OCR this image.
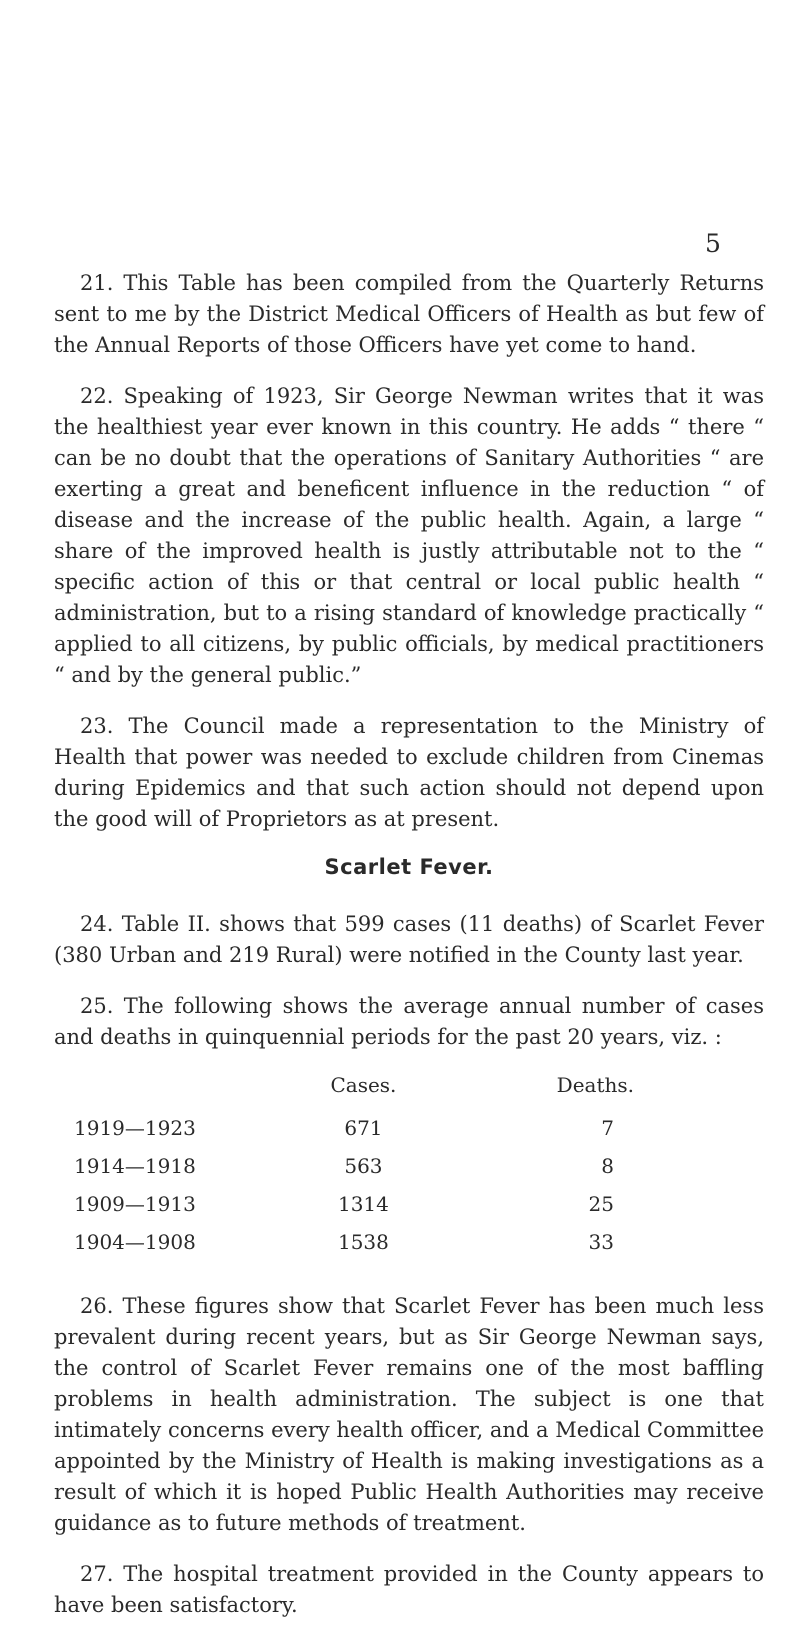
5

21. This Table has been compiled from the Quarterly Returns sent to me by the District Medical Officers of Health as but few of the Annual Reports of those Officers have yet come to hand.

22. Speaking of 1923, Sir George Newman writes that it was the healthiest year ever known in this country. He adds “ there “ can be no doubt that the operations of Sanitary Authorities “ are exerting a great and beneficent influence in the reduction “ of disease and the increase of the public health. Again, a large “ share of the improved health is justly attributable not to the “ specific action of this or that central or local public health “ administration, but to a rising standard of knowledge practically “ applied to all citizens, by public officials, by medical practitioners “ and by the general public.”

23. The Council made a representation to the Ministry of Health that power was needed to exclude children from Cinemas during Epidemics and that such action should not depend upon the good will of Proprietors as at present.

Scarlet Fever.

24. Table II. shows that 599 cases (11 deaths) of Scarlet Fever (380 Urban and 219 Rural) were notified in the County last year.

25. The following shows the average annual number of cases and deaths in quinquennial periods for the past 20 years, viz. :

	Cases.	Deaths.
1919—1923	671	7
1914—1918	563	8
1909—1913	1314	25
1904—1908	1538	33

26. These figures show that Scarlet Fever has been much less prevalent during recent years, but as Sir George Newman says, the control of Scarlet Fever remains one of the most baffling problems in health administration. The subject is one that intimately concerns every health officer, and a Medical Committee appointed by the Ministry of Health is making investigations as a result of which it is hoped Public Health Authorities may receive guidance as to future methods of treatment.

27. The hospital treatment provided in the County appears to have been satisfactory.
